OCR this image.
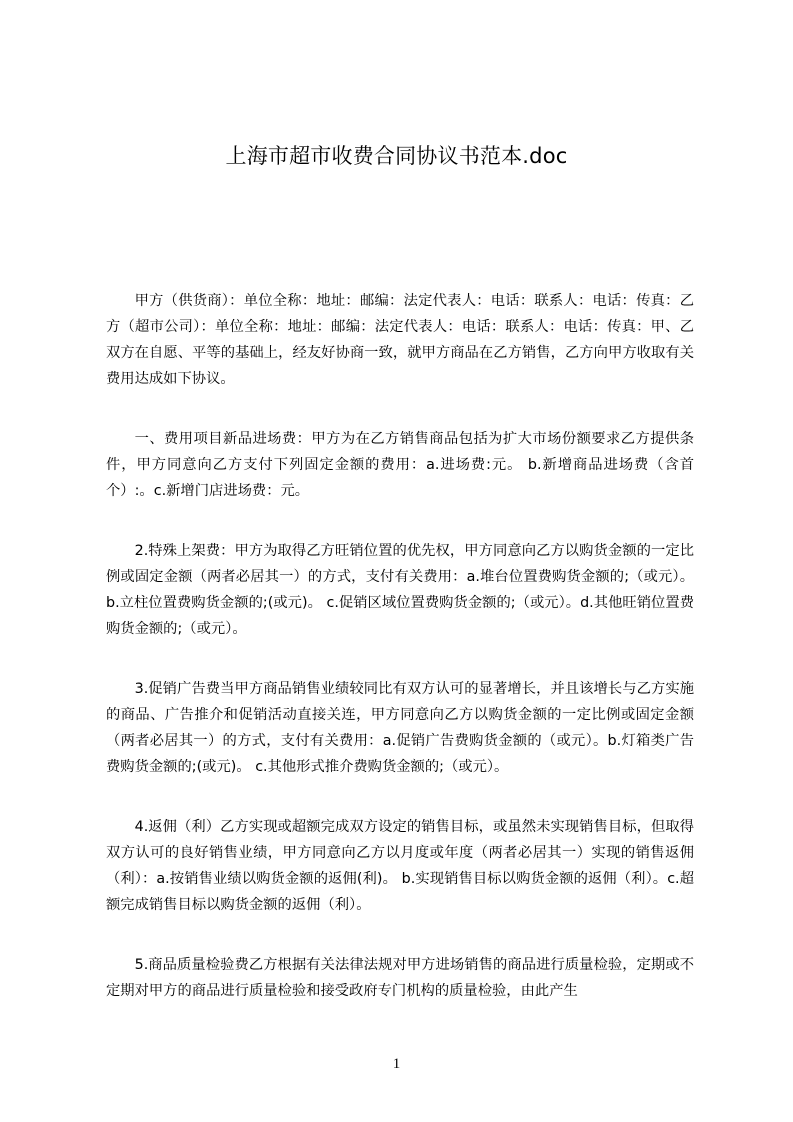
上海市超市收费合同协议书范本.doc

甲方（供货商）：单位全称：地址：邮编：法定代表人：电话：联系人：电话：传真：乙方（超市公司）：单位全称：地址：邮编：法定代表人：电话：联系人：电话：传真：甲、乙双方在自愿、平等的基础上，经友好协商一致，就甲方商品在乙方销售，乙方向甲方收取有关费用达成如下协议。

一、费用项目新品进场费：甲方为在乙方销售商品包括为扩大市场份额要求乙方提供条件，甲方同意向乙方支付下列固定金额的费用：a.进场费:元。 b.新增商品进场费（含首个）:。c.新增门店进场费：元。

2.特殊上架费：甲方为取得乙方旺销位置的优先权，甲方同意向乙方以购货金额的一定比例或固定金额（两者必居其一）的方式，支付有关费用：a.堆台位置费购货金额的;（或元）。b.立柱位置费购货金额的;(或元)。 c.促销区域位置费购货金额的;（或元）。d.其他旺销位置费购货金额的;（或元）。

3.促销广告费当甲方商品销售业绩较同比有双方认可的显著增长，并且该增长与乙方实施的商品、广告推介和促销活动直接关连，甲方同意向乙方以购货金额的一定比例或固定金额（两者必居其一）的方式，支付有关费用：a.促销广告费购货金额的（或元）。b.灯箱类广告费购货金额的;(或元)。 c.其他形式推介费购货金额的;（或元）。

4.返佣（利）乙方实现或超额完成双方设定的销售目标，或虽然未实现销售目标，但取得双方认可的良好销售业绩，甲方同意向乙方以月度或年度（两者必居其一）实现的销售返佣（利）：a.按销售业绩以购货金额的返佣(利)。 b.实现销售目标以购货金额的返佣（利）。c.超额完成销售目标以购货金额的返佣（利）。

5.商品质量检验费乙方根据有关法律法规对甲方进场销售的商品进行质量检验，定期或不定期对甲方的商品进行质量检验和接受政府专门机构的质量检验，由此产生

1
